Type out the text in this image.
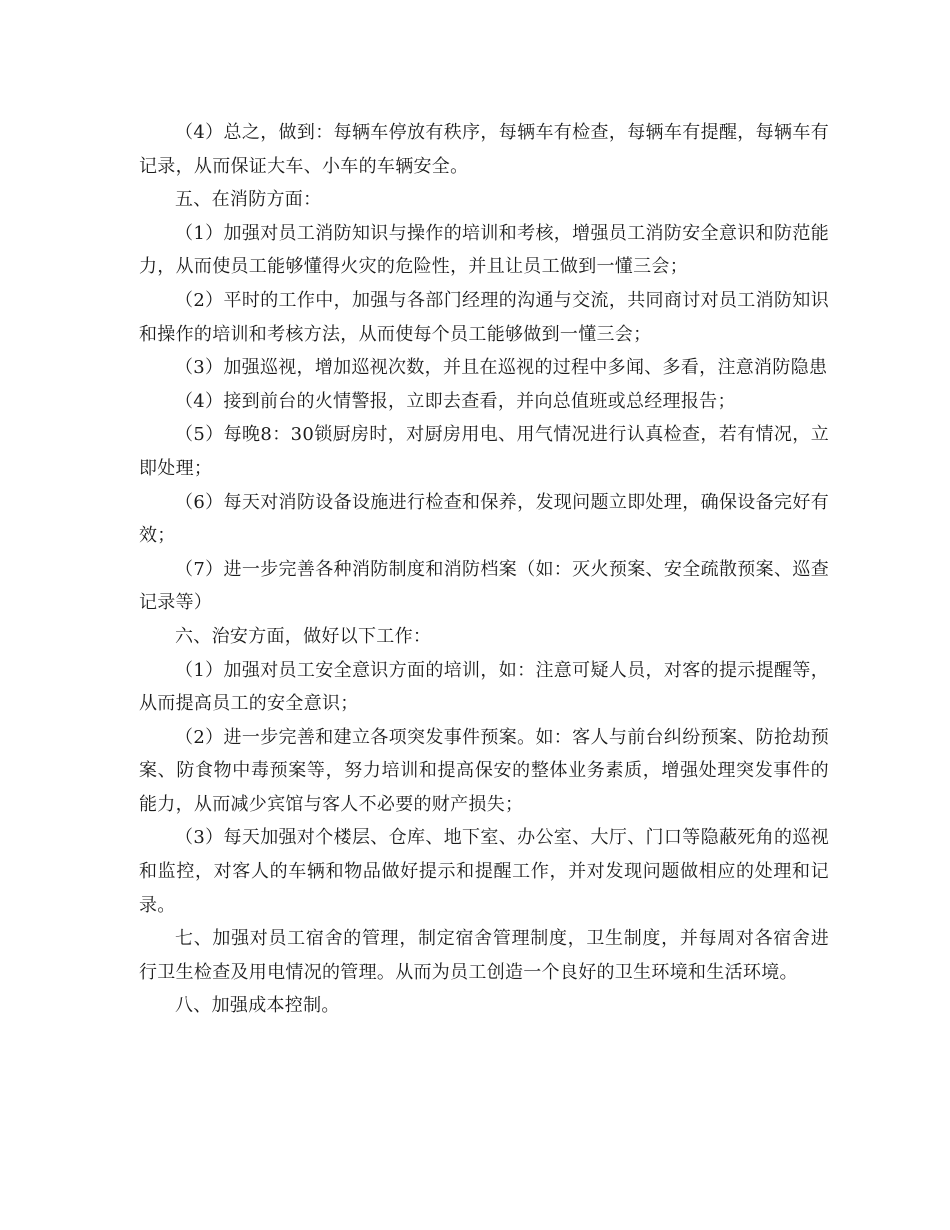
（4）总之，做到：每辆车停放有秩序，每辆车有检查，每辆车有提醒，每辆车有记录，从而保证大车、小车的车辆安全。

五、在消防方面：

（1）加强对员工消防知识与操作的培训和考核，增强员工消防安全意识和防范能力，从而使员工能够懂得火灾的危险性，并且让员工做到一懂三会；

（2）平时的工作中，加强与各部门经理的沟通与交流，共同商讨对员工消防知识和操作的培训和考核方法，从而使每个员工能够做到一懂三会；

（3）加强巡视，增加巡视次数，并且在巡视的过程中多闻、多看，注意消防隐患

（4）接到前台的火情警报，立即去查看，并向总值班或总经理报告；

（5）每晚8：30锁厨房时，对厨房用电、用气情况进行认真检查，若有情况，立即处理；

（6）每天对消防设备设施进行检查和保养，发现问题立即处理，确保设备完好有效；

（7）进一步完善各种消防制度和消防档案（如：灭火预案、安全疏散预案、巡查记录等）

六、治安方面，做好以下工作：

（1）加强对员工安全意识方面的培训，如：注意可疑人员，对客的提示提醒等，从而提高员工的安全意识；

（2）进一步完善和建立各项突发事件预案。如：客人与前台纠纷预案、防抢劫预案、防食物中毒预案等，努力培训和提高保安的整体业务素质，增强处理突发事件的能力，从而减少宾馆与客人不必要的财产损失；

（3）每天加强对个楼层、仓库、地下室、办公室、大厅、门口等隐蔽死角的巡视和监控，对客人的车辆和物品做好提示和提醒工作，并对发现问题做相应的处理和记录。

七、加强对员工宿舍的管理，制定宿舍管理制度，卫生制度，并每周对各宿舍进行卫生检查及用电情况的管理。从而为员工创造一个良好的卫生环境和生活环境。

八、加强成本控制。
